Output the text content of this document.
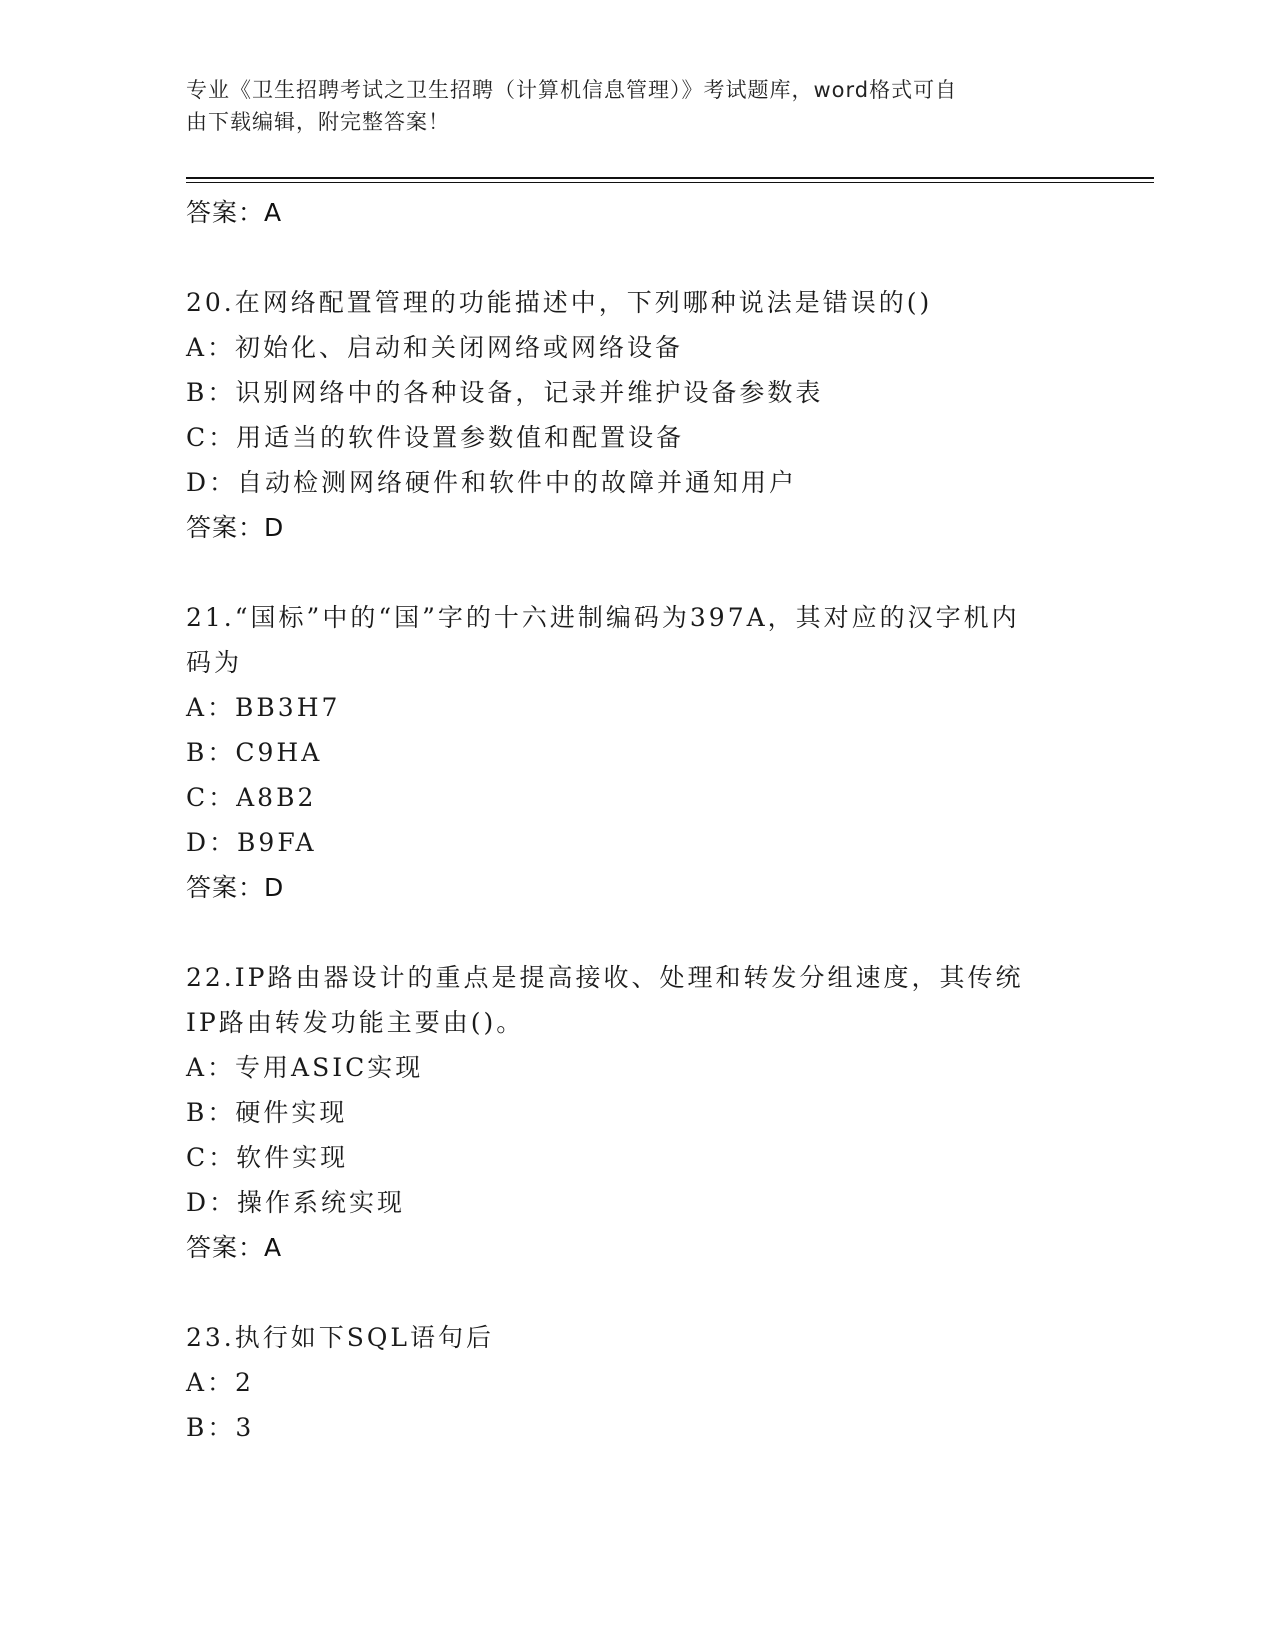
专业《卫生招聘考试之卫生招聘（计算机信息管理）》考试题库，word格式可自
由下载编辑，附完整答案！
答案：A
20.在网络配置管理的功能描述中，下列哪种说法是错误的()
A：初始化、启动和关闭网络或网络设备
B：识别网络中的各种设备，记录并维护设备参数表
C：用适当的软件设置参数值和配置设备
D：自动检测网络硬件和软件中的故障并通知用户
答案：D
21.“国标”中的“国”字的十六进制编码为397A，其对应的汉字机内
码为
A：BB3H7
B：C9HA
C：A8B2
D：B9FA
答案：D
22.IP路由器设计的重点是提高接收、处理和转发分组速度，其传统
IP路由转发功能主要由()。
A：专用ASIC实现
B：硬件实现
C：软件实现
D：操作系统实现
答案：A
23.执行如下SQL语句后
A：2
B：3
